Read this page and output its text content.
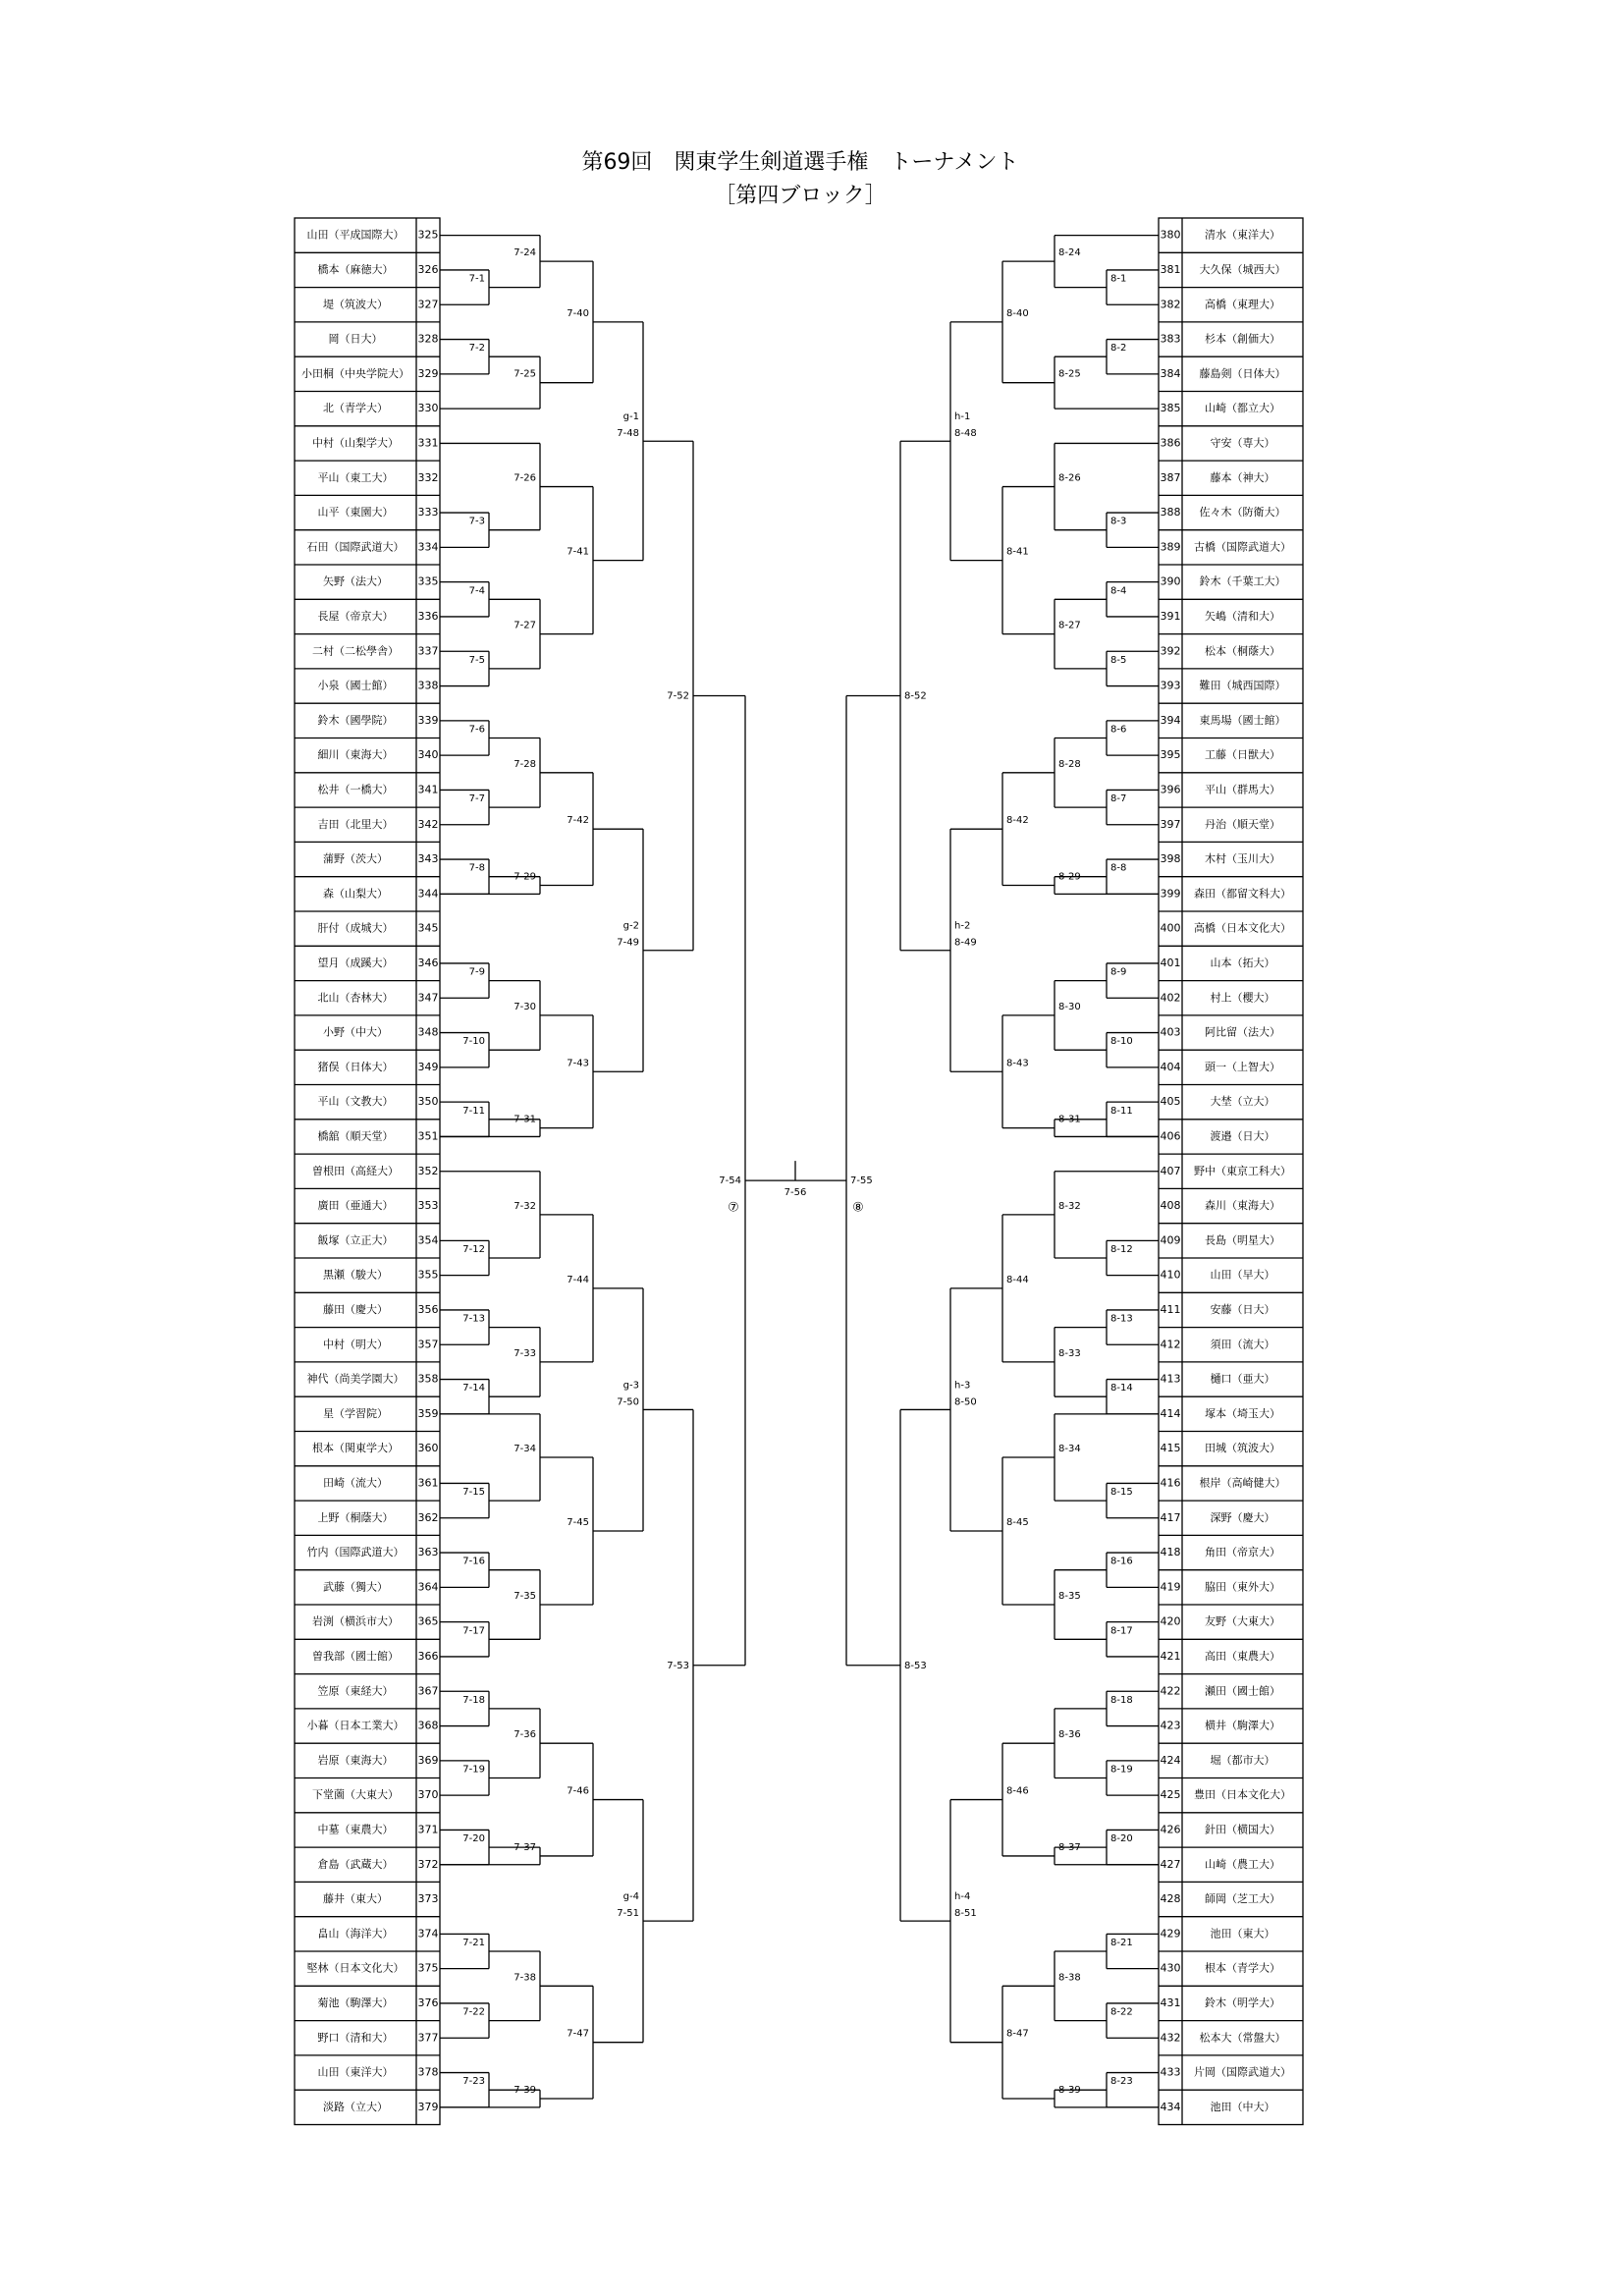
第69回　関東学生剣道選手権　トーナメント
［第四ブロック］
山田（平成国際大） 325
橋本（麻徳大） 326
堤（筑波大）	327
岡（日大）	328
小田桐（中央学院大） 329
北（青学大）	330
中村（山梨学大） 331
平山（東工大） 332
山平（東園大） 333
石田（国際武道大） 334
矢野（法大）	335
長屋（帝京大） 336
二村（二松學舎） 337
小泉（國士館） 338
鈴木（國學院） 339
細川（東海大） 340
松井（一橋大） 341
吉田（北里大） 342
蒲野（茨大）	343
森（山梨大）	344
肝付（成城大） 345
望月（成蹊大） 346
北山（杏林大） 347
小野（中大）	348
猪俣（日体大） 349
平山（文教大） 350
橋舘（順天堂） 351
曽根田（高経大） 352
廣田（亜通大） 353
飯塚（立正大） 354
黒瀬（駿大）	355
藤田（慶大）	356
中村（明大）	357
神代（尚美学園大） 358
星（学習院）	359
根本（関東学大） 360
田崎（流大）	361
上野（桐蔭大） 362
竹内（国際武道大） 363
武藤（獨大）	364
岩渕（横浜市大） 365
曽我部（國士館） 366
笠原（東経大） 367
小暮（日本工業大） 368
岩原（東海大） 369
下堂薗（大東大） 370
中墓（東農大） 371
倉島（武蔵大） 372
藤井（東大）	373
畠山（海洋大） 374
堅林（日本文化大） 375
菊池（駒澤大） 376
野口（清和大） 377
山田（東洋大） 378
淡路（立大）	379
7-1
7-2
7-3
7-4
7-5
7-6
7-7
7-8
7-9
7-10
7-11
7-12
7-13
7-14
7-15
7-16
7-17
7-18
7-19
7-20
7-21
7-22
7-23
7-24
7-25
7-26
7-27
7-28
7-29
7-30
7-31
7-32
7-33
7-34
7-35
7-36
7-37
7-38
7-39
7-40
7-41
7-42
7-43
7-44
7-45
7-46
7-47
g-1
7-48
g-2
7-49
g-3
7-50
g-4
7-51
7-52
7-53
7-54
⑦
380 清水（東洋大）
381 大久保（城西大）
382 高橋（東理大）
383 杉本（創価大）
384 藤島剣（日体大）
385 山崎（都立大）
386	守安（専大）
387	藤本（神大）
388 佐々木（防衛大）
389 古橋（国際武道大）
390 鈴木（千葉工大）
391 矢嶋（清和大）
392 松本（桐蔭大）
393 難田（城西国際）
394 東馬場（國士館）
395 工藤（日獣大）
396 平山（群馬大）
397 丹治（順天堂）
398 木村（玉川大）
399 森田（都留文科大）
400 高橋（日本文化大）
401	山本（拓大）
402	村上（櫻大）
403 阿比留（法大）
404 頭一（上智大）
405	大埜（立大）
406	渡邉（日大）
407 野中（東京工科大）
408 森川（東海大）
409 長島（明星大）
410	山田（早大）
411	安藤（日大）
412	須田（流大）
413	樋口（亜大）
414 塚本（埼玉大）
415 田城（筑波大）
416 根岸（高崎健大）
417	深野（慶大）
418 角田（帝京大）
419 脇田（東外大）
420 友野（大東大）
421 高田（東農大）
422 瀬田（國士館）
423 横井（駒澤大）
424	堀（都市大）
425 豊田（日本文化大）
426 針田（横国大）
427 山崎（農工大）
428 師岡（芝工大）
429	池田（東大）
430 根本（青学大）
431 鈴木（明学大）
432 松本大（常盤大）
433 片岡（国際武道大）
434	池田（中大）
8-1
8-2
8-3
8-4
8-5
8-6
8-7
8-8
8-9
8-10
8-11
8-12
8-13
8-14
8-15
8-16
8-17
8-18
8-19
8-20
8-21
8-22
8-23
8-24
8-25
8-26
8-27
8-28
8-29
8-30
8-31
8-32
8-33
8-34
8-35
8-36
8-37
8-38
8-39
8-40
8-41
8-42
8-43
8-44
8-45
8-46
8-47
h-1
8-48
h-2
8-49
h-3
8-50
h-4
8-51
8-52
8-53
7-55
⑧
7-56
